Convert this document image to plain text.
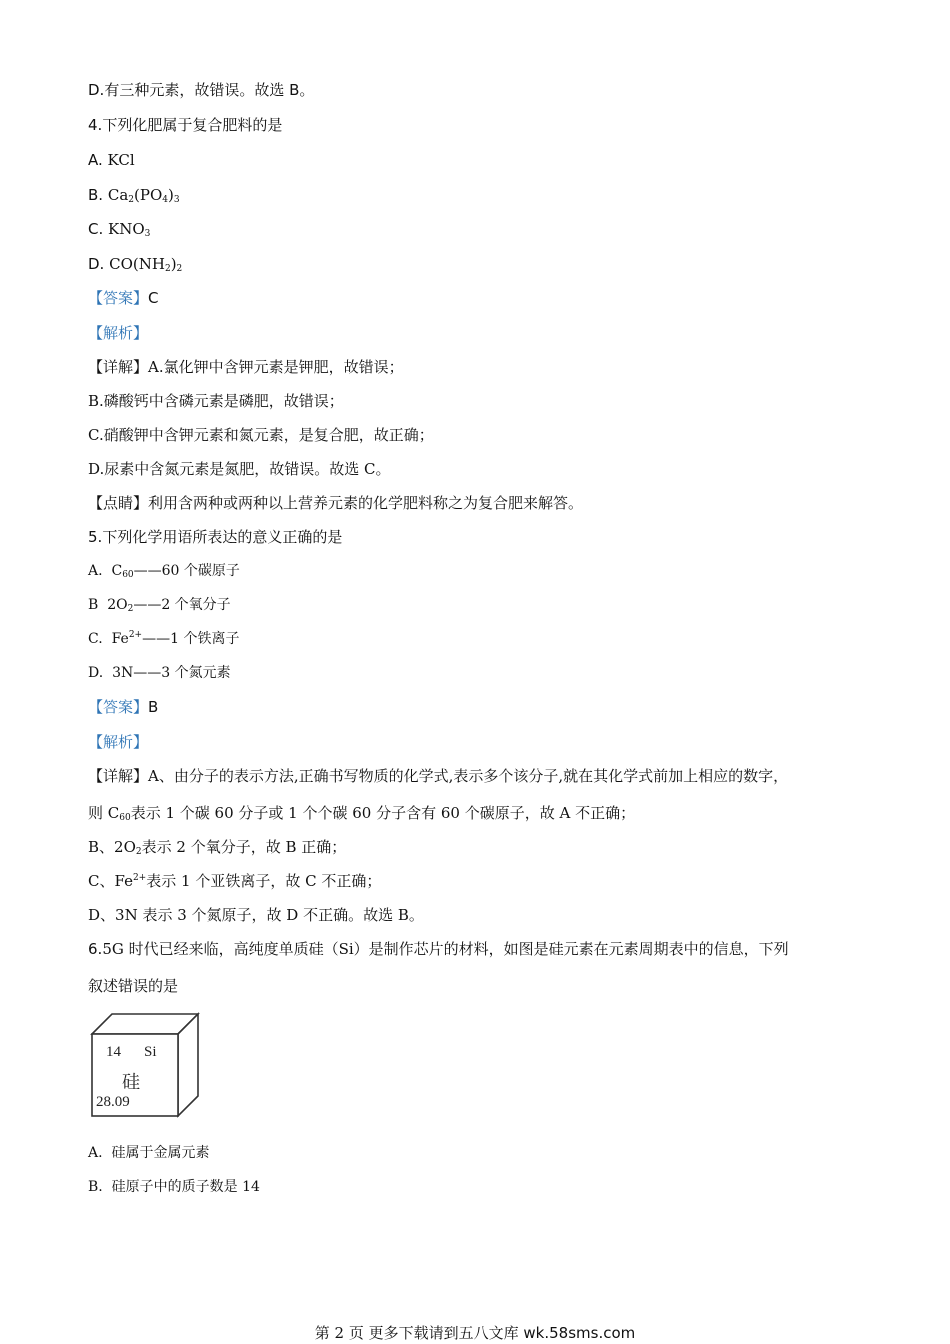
D.有三种元素，故错误。故选 B。
4.下列化肥属于复合肥料的是
A. KCl
B. $Ca_2(PO_4)_3$
C. $KNO_3$
D. $CO(NH_2)_2$
【答案】C
【解析】
【详解】A.氯化钾中含钾元素是钾肥，故错误；
B.磷酸钙中含磷元素是磷肥，故错误；
C.硝酸钾中含钾元素和氮元素，是复合肥，故正确；
D.尿素中含氮元素是氮肥，故错误。故选 C。
【点睛】利用含两种或两种以上营养元素的化学肥料称之为复合肥来解答。
5.下列化学用语所表达的意义正确的是
A. $C_{60}——60$ 个碳原子
B $2O_2——2$ 个氧分子
C. $Fe^{2+}——1$ 个铁离子
D. 3N——3 个氮元素
【答案】B
【解析】
【详解】A、由分子的表示方法,正确书写物质的化学式,表示多个该分子,就在其化学式前加上相应的数字，
则 $C_{60}$表示 1 个碳 60 分子或 1 个个碳 60 分子含有 60 个碳原子，故 A 不正确；
B、$2O_2$表示 2 个氧分子，故 B 正确；
C、$Fe^{2+}$表示 1 个亚铁离子，故 C 不正确；
D、3N 表示 3 个氮原子，故 D 不正确。故选 B。
6.5G 时代已经来临，高纯度单质硅（Si）是制作芯片的材料，如图是硅元素在元素周期表中的信息，下列
叙述错误的是
14 Si
硅
28.09
A. 硅属于金属元素
B. 硅原子中的质子数是 14
第 2 页 更多下载请到五八文库 wk.58sms.com
